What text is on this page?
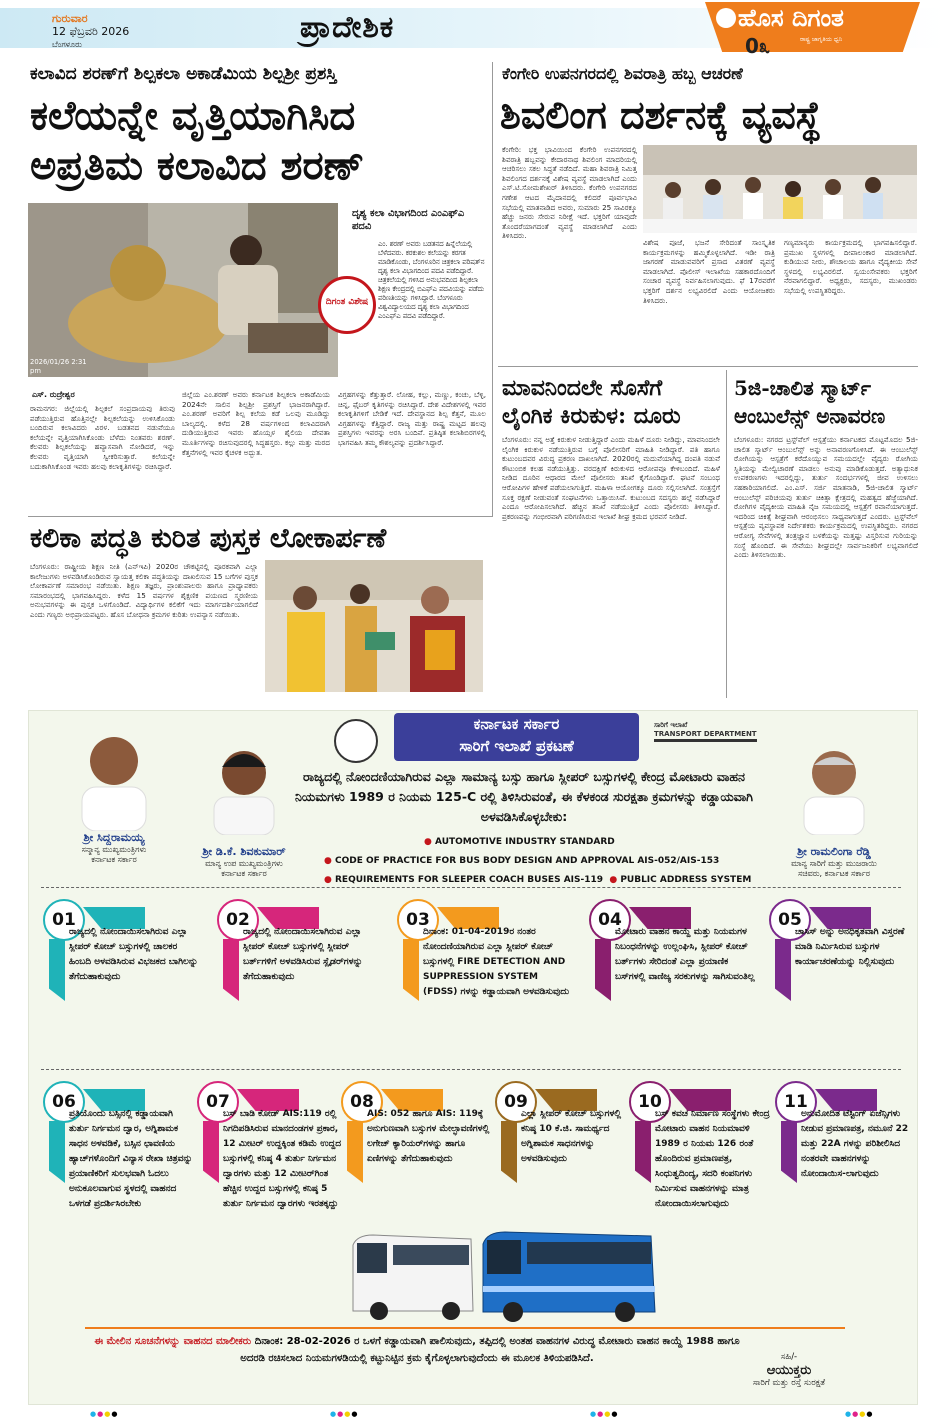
ಗುರುವಾರ
12 ಫೆಬ್ರವರಿ 2026
ಬೆಂಗಳೂರು	ಪ್ರಾದೇಶಿಕ	ಹೊಸ ದಿಗಂತ
ರಾಷ್ಟ್ರ ಜಾಗೃತಿಯ ಧ್ವನಿ
0೩
ಕಲಾವಿದ ಶರಣ್‌ಗೆ ಶಿಲ್ಪಕಲಾ ಅಕಾಡೆಮಿಯ ಶಿಲ್ಪಶ್ರೀ ಪ್ರಶಸ್ತಿ
ಕಲೆಯನ್ನೇ ವೃತ್ತಿಯಾಗಿಸಿದ
ಅಪ್ರತಿಮ ಕಲಾವಿದ ಶರಣ್
2026/01/26 2:31 pm
ದಿಗಂತ ವಿಶೇಷ
ದೃಶ್ಯ ಕಲಾ ವಿಭಾಗದಿಂದ ಎಂಎಫ್‌ಎ ಪದವಿ
ಎಂ. ಶರಣ್ ಅವರು ಬಡತನದ ಹಿನ್ನೆಲೆಯಲ್ಲಿ ಬೆಳೆದವರು. ಕರಕುಶಲ ಕಲೆಯನ್ನು ಕರಗತ ಮಾಡಿಕೊಂಡು, ಬೆಂಗಳೂರಿನ ಚಿತ್ರಕಲಾ ಪರಿಷತ್‌ನ ದೃಶ್ಯ ಕಲಾ ವಿಭಾಗದಿಂದ ಪದವಿ ಪಡೆದಿದ್ದಾರೆ. ಚಿತ್ರಕಲೆಯಲ್ಲಿ ಗಳಿಸಿದ ಅನುಭವದಿಂದ ಶಿಲ್ಪಕಲಾ ಶಿಕ್ಷಣ ಕೇಂದ್ರದಲ್ಲಿ ಬಿಎಫ್‌ಎ ಪದವಿಯನ್ನು ಪಡೆದು ಪರಿಣತಿಯನ್ನು ಗಳಿಸಿದ್ದಾರೆ. ಬೆಂಗಳೂರು ವಿಶ್ವವಿದ್ಯಾಲಯದ ದೃಶ್ಯ ಕಲಾ ವಿಭಾಗದಿಂದ ಎಂಎಫ್‌ಎ ಪದವಿ ಪಡೆದಿದ್ದಾರೆ.
ಎಸ್. ರುದ್ರೇಶ್ವರ
ರಾಮನಗರ: ಜಿಲ್ಲೆಯಲ್ಲಿ ಶಿಲ್ಪಕಲೆ ಸಂಪ್ರದಾಯವು ತಿರುವು ಪಡೆಯುತ್ತಿರುವ ಹೊತ್ತಿನಲ್ಲೇ ಶಿಲ್ಪಕಲೆಯನ್ನು ಉಳಿಸಿಕೊಂಡು ಬಂದಿರುವ ಕಲಾವಿದರು ವಿರಳ. ಬಡತನದ ನಡುವೆಯೂ ಕಲೆಯನ್ನೇ ವೃತ್ತಿಯಾಗಿಸಿಕೊಂಡು ಬೆಳೆದು ನಿಂತವರು ಶರಣ್. ಕೆಲವರು ಶಿಲ್ಪಕಲೆಯನ್ನು ಹವ್ಯಾಸವಾಗಿ ನೋಡಿದರೆ, ಇನ್ನು ಕೆಲವರು ವೃತ್ತಿಯಾಗಿ ಸ್ವೀಕರಿಸುತ್ತಾರೆ. ಕಲೆಯನ್ನೇ ಬದುಕಾಗಿಸಿಕೊಂಡ ಇವರು ಹಲವು ಕಲಾಕೃತಿಗಳನ್ನು ರಚಿಸಿದ್ದಾರೆ.
ಜಿಲ್ಲೆಯ ಎಂ.ಶರಣ್ ಅವರು ಕರ್ನಾಟಕ ಶಿಲ್ಪಕಲಾ ಅಕಾಡೆಮಿಯ 2024ನೇ ಸಾಲಿನ ಶಿಲ್ಪಶ್ರೀ ಪ್ರಶಸ್ತಿಗೆ ಭಾಜನರಾಗಿದ್ದಾರೆ. ಎಂ.ಶರಣ್ ಅವರಿಗೆ ಶಿಲ್ಪ ಕಲೆಯ ಕಡೆ ಒಲವು ಮೂಡಿದ್ದು ಬಾಲ್ಯದಲ್ಲಿ. ಕಳೆದ 28 ವರ್ಷಗಳಿಂದ ಕಲಾವಿದರಾಗಿ ದುಡಿಯುತ್ತಿರುವ ಇವರು ಹೊಯ್ಸಳ ಶೈಲಿಯ ದೇವತಾ ಮೂರ್ತಿಗಳನ್ನು ರಚಿಸುವುದರಲ್ಲಿ ಸಿದ್ಧಹಸ್ತರು. ಕಲ್ಲು ಮತ್ತು ಮರದ ಕೆತ್ತನೆಗಳಲ್ಲಿ ಇವರ ಕೈಚಳಕ ಅದ್ಭುತ.
ವಿಗ್ರಹಗಳನ್ನು ಕೆತ್ತುತ್ತಾರೆ. ಲೋಹ, ಕಲ್ಲು, ಮಣ್ಣು, ಕಂಚು, ಬೆಳ್ಳಿ, ಚಿನ್ನ, ಫೈಬರ್ ಕೃತಿಗಳನ್ನು ರಚಿಸಿದ್ದಾರೆ. ದೇಶ ವಿದೇಶಗಳಲ್ಲಿ ಇವರ ಕಲಾಕೃತಿಗಳಿಗೆ ಬೇಡಿಕೆ ಇದೆ. ದೇವಸ್ಥಾನದ ಶಿಲ್ಪ ಕೆತ್ತನೆ, ಮೂಲ ವಿಗ್ರಹಗಳನ್ನು ಕೆತ್ತಿದ್ದಾರೆ. ರಾಜ್ಯ ಮತ್ತು ರಾಷ್ಟ್ರ ಮಟ್ಟದ ಹಲವು ಪ್ರಶಸ್ತಿಗಳು ಇವರನ್ನು ಅರಸಿ ಬಂದಿವೆ. ಪ್ರತಿಷ್ಠಿತ ಕಲಾಶಿಬಿರಗಳಲ್ಲಿ ಭಾಗವಹಿಸಿ ತಮ್ಮ ಕೌಶಲ್ಯವನ್ನು ಪ್ರದರ್ಶಿಸಿದ್ದಾರೆ.
ಕೆಂಗೇರಿ ಉಪನಗರದಲ್ಲಿ ಶಿವರಾತ್ರಿ ಹಬ್ಬ ಆಚರಣೆ
ಶಿವಲಿಂಗ ದರ್ಶನಕ್ಕೆ ವ್ಯವಸ್ಥೆ
ಕೆಂಗೇರಿ: ಭಕ್ತ ಭಾವಿಯಿಂದ ಕೆಂಗೇರಿ ಉಪನಗರದಲ್ಲಿ ಶಿವರಾತ್ರಿ ಹಬ್ಬವನ್ನು ಕೇದಾರನಾಥ ಶಿವಲಿಂಗ ಮಾದರಿಯಲ್ಲಿ ಆಚರಿಸಲು ಸಕಲ ಸಿದ್ಧತೆ ನಡೆದಿದೆ. ಮಹಾ ಶಿವರಾತ್ರಿ ನಿಮಿತ್ತ ಶಿವಲಿಂಗದ ದರ್ಶನಕ್ಕೆ ವಿಶೇಷ ವ್ಯವಸ್ಥೆ ಮಾಡಲಾಗಿದೆ ಎಂದು ಎಸ್.ಟಿ.ಸೋಮಶೇಖರ್ ತಿಳಿಸಿದರು. ಕೆಂಗೇರಿ ಉಪನಗರದ ಗಣೇಶ ಆಟದ ಮೈದಾನದಲ್ಲಿ ಕಲಿದರೆ ಪೂರ್ವಭಾವಿ ಸಭೆಯಲ್ಲಿ ಮಾತನಾಡಿದ ಅವರು, ಸುಮಾರು 25 ಸಾವಿರಕ್ಕೂ ಹೆಚ್ಚು ಜನರು ಸೇರುವ ನಿರೀಕ್ಷೆ ಇದೆ. ಭಕ್ತರಿಗೆ ಯಾವುದೇ ತೊಂದರೆಯಾಗದಂತೆ ವ್ಯವಸ್ಥೆ ಮಾಡಲಾಗಿದೆ ಎಂದು ತಿಳಿಸಿದರು.
ವಿಶೇಷ ಪೂಜೆ, ಭಜನೆ ಸೇರಿದಂತೆ ಸಾಂಸ್ಕೃತಿಕ ಕಾರ್ಯಕ್ರಮಗಳನ್ನು ಹಮ್ಮಿಕೊಳ್ಳಲಾಗಿದೆ. ಇಡೀ ರಾತ್ರಿ ಜಾಗರಣೆ ಮಾಡುವವರಿಗೆ ಪ್ರಸಾದ ವಿತರಣೆ ವ್ಯವಸ್ಥೆ ಮಾಡಲಾಗಿದೆ. ಪೊಲೀಸ್ ಇಲಾಖೆಯ ಸಹಕಾರದೊಂದಿಗೆ ಸಂಚಾರ ವ್ಯವಸ್ಥೆ ನಿರ್ವಹಿಸಲಾಗುವುದು. ಫೆ 17ರವರೆಗೆ ಭಕ್ತರಿಗೆ ದರ್ಶನ ಲಭ್ಯವಿರಲಿದೆ ಎಂದು ಆಯೋಜಕರು ತಿಳಿಸಿದರು.
ಗಣ್ಯಮಾನ್ಯರು ಕಾರ್ಯಕ್ರಮದಲ್ಲಿ ಭಾಗವಹಿಸಲಿದ್ದಾರೆ. ಪ್ರಮುಖ ಸ್ಥಳಗಳಲ್ಲಿ ದೀಪಾಲಂಕಾರ ಮಾಡಲಾಗಿದೆ. ಕುಡಿಯುವ ನೀರು, ಶೌಚಾಲಯ ಹಾಗೂ ವೈದ್ಯಕೀಯ ಸೇವೆ ಸ್ಥಳದಲ್ಲಿ ಲಭ್ಯವಿರಲಿದೆ. ಸ್ವಯಂಸೇವಕರು ಭಕ್ತರಿಗೆ ನೆರವಾಗಲಿದ್ದಾರೆ. ಅಧ್ಯಕ್ಷರು, ಸದಸ್ಯರು, ಮುಖಂಡರು ಸಭೆಯಲ್ಲಿ ಉಪಸ್ಥಿತರಿದ್ದರು.
ಮಾವನಿಂದಲೇ ಸೊಸೆಗೆ
ಲೈಂಗಿಕ ಕಿರುಕುಳ: ದೂರು
ಬೆಂಗಳೂರು: ನನ್ನ ಅತ್ತೆ ಕಿರುಕುಳ ನೀಡುತ್ತಿದ್ದಾರೆ ಎಂದು ಮಹಿಳೆ ದೂರು ನೀಡಿದ್ದು, ಮಾವನಿಂದಲೇ ಲೈಂಗಿಕ ಕಿರುಕುಳ ನಡೆಯುತ್ತಿರುವ ಬಗ್ಗೆ ಪೊಲೀಸರಿಗೆ ಮಾಹಿತಿ ನೀಡಿದ್ದಾರೆ. ಪತಿ ಹಾಗೂ ಕುಟುಂಬದವರ ವಿರುದ್ಧ ಪ್ರಕರಣ ದಾಖಲಾಗಿದೆ. 2020ರಲ್ಲಿ ಮದುವೆಯಾಗಿದ್ದ ದಂಪತಿ ನಡುವೆ ಕೌಟುಂಬಿಕ ಕಲಹ ನಡೆಯುತ್ತಿತ್ತು. ವರದಕ್ಷಿಣೆ ಕಿರುಕುಳದ ಆರೋಪವೂ ಕೇಳಿಬಂದಿದೆ. ಮಹಿಳೆ ನೀಡಿದ ದೂರಿನ ಆಧಾರದ ಮೇಲೆ ಪೊಲೀಸರು ತನಿಖೆ ಕೈಗೊಂಡಿದ್ದಾರೆ. ಘಟನೆ ಸಂಬಂಧ ಆರೋಪಿಗಳ ಹೇಳಿಕೆ ಪಡೆಯಲಾಗುತ್ತಿದೆ. ಮಹಿಳಾ ಆಯೋಗಕ್ಕೂ ದೂರು ಸಲ್ಲಿಸಲಾಗಿದೆ. ಸಂತ್ರಸ್ತೆಗೆ ಸೂಕ್ತ ರಕ್ಷಣೆ ನೀಡುವಂತೆ ಸಂಘಟನೆಗಳು ಒತ್ತಾಯಿಸಿವೆ. ಕುಟುಂಬದ ಸದಸ್ಯರು ಹಲ್ಲೆ ನಡೆಸಿದ್ದಾರೆ ಎಂದೂ ಆರೋಪಿಸಲಾಗಿದೆ. ಹೆಚ್ಚಿನ ತನಿಖೆ ನಡೆಯುತ್ತಿದೆ ಎಂದು ಪೊಲೀಸರು ತಿಳಿಸಿದ್ದಾರೆ. ಪ್ರಕರಣವನ್ನು ಗಂಭೀರವಾಗಿ ಪರಿಗಣಿಸಿರುವ ಇಲಾಖೆ ಶೀಘ್ರ ಕ್ರಮದ ಭರವಸೆ ನೀಡಿದೆ.
5ಜಿ-ಚಾಲಿತ ಸ್ಮಾರ್ಟ್
ಆಂಬುಲೆನ್ಸ್ ಅನಾವರಣ
ಬೆಂಗಳೂರು: ನಗರದ ಟ್ರಸ್ಟ್‌ವೆಲ್ ಆಸ್ಪತ್ರೆಯು ಕರ್ನಾಟಕದ ಮೊಟ್ಟಮೊದಲ 5ಜಿ-ಚಾಲಿತ ಸ್ಮಾರ್ಟ್ ಆಂಬುಲೆನ್ಸ್ ಅನ್ನು ಅನಾವರಣಗೊಳಿಸಿದೆ. ಈ ಆಂಬುಲೆನ್ಸ್ ರೋಗಿಯನ್ನು ಆಸ್ಪತ್ರೆಗೆ ಕರೆದೊಯ್ಯುವ ಸಮಯದಲ್ಲೇ ವೈದ್ಯರು ರೋಗಿಯ ಸ್ಥಿತಿಯನ್ನು ಮೇಲ್ವಿಚಾರಣೆ ಮಾಡಲು ಅನುವು ಮಾಡಿಕೊಡುತ್ತದೆ. ಅತ್ಯಾಧುನಿಕ ಉಪಕರಣಗಳು ಇದರಲ್ಲಿದ್ದು, ತುರ್ತು ಸಂದರ್ಭಗಳಲ್ಲಿ ಜೀವ ಉಳಿಸಲು ಸಹಕಾರಿಯಾಗಲಿದೆ. ಎಂ.ಎಸ್. ಸರ್ಜಿ ಮಾತನಾಡಿ, 5ಜಿ-ಚಾಲಿತ ಸ್ಮಾರ್ಟ್ ಆಂಬುಲೆನ್ಸ್ ಪರಿಚಯವು ತುರ್ತು ಚಿಕಿತ್ಸಾ ಕ್ಷೇತ್ರದಲ್ಲಿ ಮಹತ್ವದ ಹೆಜ್ಜೆಯಾಗಿದೆ. ರೋಗಿಗಳ ವೈದ್ಯಕೀಯ ಮಾಹಿತಿ ನೈಜ ಸಮಯದಲ್ಲಿ ಆಸ್ಪತ್ರೆಗೆ ರವಾನೆಯಾಗುತ್ತದೆ. ಇದರಿಂದ ಚಿಕಿತ್ಸೆ ಶೀಘ್ರವಾಗಿ ಆರಂಭಿಸಲು ಸಾಧ್ಯವಾಗುತ್ತದೆ ಎಂದರು. ಟ್ರಸ್ಟ್‌ವೆಲ್ ಆಸ್ಪತ್ರೆಯ ವ್ಯವಸ್ಥಾಪಕ ನಿರ್ದೇಶಕರು ಕಾರ್ಯಕ್ರಮದಲ್ಲಿ ಉಪಸ್ಥಿತರಿದ್ದರು. ನಗರದ ಆರೋಗ್ಯ ಸೇವೆಗಳಲ್ಲಿ ತಂತ್ರಜ್ಞಾನ ಬಳಕೆಯನ್ನು ಮತ್ತಷ್ಟು ವಿಸ್ತರಿಸುವ ಗುರಿಯನ್ನು ಸಂಸ್ಥೆ ಹೊಂದಿದೆ. ಈ ಸೇವೆಯು ಶೀಘ್ರದಲ್ಲೇ ಸಾರ್ವಜನಿಕರಿಗೆ ಲಭ್ಯವಾಗಲಿದೆ ಎಂದು ತಿಳಿಸಲಾಯಿತು.
ಕಲಿಕಾ ಪದ್ಧತಿ ಕುರಿತ ಪುಸ್ತಕ ಲೋಕಾರ್ಪಣೆ
ಬೆಂಗಳೂರು: ರಾಷ್ಟ್ರೀಯ ಶಿಕ್ಷಣ ನೀತಿ (ಎನ್‌ಇಪಿ) 2020ರ ಚೌಕಟ್ಟಿನಲ್ಲಿ ಪೂರಕವಾಗಿ ಎಲ್ಲಾ ಕಾಲೇಜುಗಳು ಅಳವಡಿಸಿಕೊಂಡಿರುವ ಸ್ವಾಯತ್ತ ಕಲಿಕಾ ಪದ್ಧತಿಯನ್ನು ದಾಖಲಿಸುವ 15 ಬಗೆಗಳ ಪುಸ್ತಕ ಲೋಕಾರ್ಪಣೆ ಸಮಾರಂಭ ನಡೆಯಿತು. ಶಿಕ್ಷಣ ತಜ್ಞರು, ಪ್ರಾಂಶುಪಾಲರು ಹಾಗೂ ಪ್ರಾಧ್ಯಾಪಕರು ಸಮಾರಂಭದಲ್ಲಿ ಭಾಗವಹಿಸಿದ್ದರು. ಕಳೆದ 15 ವರ್ಷಗಳ ಶೈಕ್ಷಣಿಕ ಪಯಣದ ಸ್ಮರಣೀಯ ಅನುಭವಗಳನ್ನು ಈ ಪುಸ್ತಕ ಒಳಗೊಂಡಿದೆ. ವಿದ್ಯಾರ್ಥಿಗಳ ಕಲಿಕೆಗೆ ಇದು ಮಾರ್ಗದರ್ಶಿಯಾಗಲಿದೆ ಎಂದು ಗಣ್ಯರು ಅಭಿಪ್ರಾಯಪಟ್ಟರು. ಹೊಸ ಬೋಧನಾ ಕ್ರಮಗಳ ಕುರಿತು ಉಪನ್ಯಾಸ ನಡೆಯಿತು.
ಕರ್ನಾಟಕ ಸರ್ಕಾರ
ಸಾರಿಗೆ ಇಲಾಖೆ ಪ್ರಕಟಣೆ
ಸಾರಿಗೆ ಇಲಾಖೆ
TRANSPORT DEPARTMENT
ಶ್ರೀ ಸಿದ್ದರಾಮಯ್ಯ
ಸನ್ಮಾನ್ಯ ಮುಖ್ಯಮಂತ್ರಿಗಳು
ಕರ್ನಾಟಕ ಸರ್ಕಾರ
ಶ್ರೀ ಡಿ.ಕೆ. ಶಿವಕುಮಾರ್
ಮಾನ್ಯ ಉಪ ಮುಖ್ಯಮಂತ್ರಿಗಳು
ಕರ್ನಾಟಕ ಸರ್ಕಾರ
ಶ್ರೀ ರಾಮಲಿಂಗಾ ರೆಡ್ಡಿ
ಮಾನ್ಯ ಸಾರಿಗೆ ಮತ್ತು ಮುಜರಾಯಿ
ಸಚಿವರು, ಕರ್ನಾಟಕ ಸರ್ಕಾರ
ರಾಜ್ಯದಲ್ಲಿ ನೋಂದಣಿಯಾಗಿರುವ ಎಲ್ಲಾ ಸಾಮಾನ್ಯ ಬಸ್ಸು ಹಾಗೂ ಸ್ಲೀಪರ್ ಬಸ್ಸುಗಳಲ್ಲಿ ಕೇಂದ್ರ ಮೋಟಾರು ವಾಹನ ನಿಯಮಗಳು 1989 ರ ನಿಯಮ 125-C ರಲ್ಲಿ ತಿಳಿಸಿರುವಂತೆ, ಈ ಕೆಳಕಂಡ ಸುರಕ್ಷತಾ ಕ್ರಮಗಳನ್ನು ಕಡ್ಡಾಯವಾಗಿ ಅಳವಡಿಸಿಕೊಳ್ಳಬೇಕು:
● AUTOMOTIVE INDUSTRY STANDARD
● CODE OF PRACTICE FOR BUS BODY DESIGN AND APPROVAL AIS-052/AIS-153
● REQUIREMENTS FOR SLEEPER COACH BUSES AIS-119 ● PUBLIC ADDRESS SYSTEM
01
ರಾಜ್ಯದಲ್ಲಿ ನೋಂದಾಯಿಸಲಾಗಿರುವ ಎಲ್ಲಾ ಸ್ಲೀಪರ್ ಕೋಚ್ ಬಸ್ಸುಗಳಲ್ಲಿ ಚಾಲಕರ ಹಿಂಬದಿ ಅಳವಡಿಸಿರುವ ವಿಭಜಕದ ಬಾಗಿಲನ್ನು ತೆಗೆದುಹಾಕುವುದು
02
ರಾಜ್ಯದಲ್ಲಿ ನೋಂದಾಯಿಸಲಾಗಿರುವ ಎಲ್ಲಾ ಸ್ಲೀಪರ್ ಕೋಚ್ ಬಸ್ಸುಗಳಲ್ಲಿ ಸ್ಲೀಪರ್ ಬರ್ತ್‌ಗಳಿಗೆ ಅಳವಡಿಸಿರುವ ಸ್ಲೈಡರ್‌ಗಳನ್ನು ತೆಗೆದುಹಾಕುವುದು
03
ದಿನಾಂಕ: 01-04-2019ರ ನಂತರ ನೋಂದಣಿಯಾಗಿರುವ ಎಲ್ಲಾ ಸ್ಲೀಪರ್ ಕೋಚ್ ಬಸ್ಸುಗಳಲ್ಲಿ FIRE DETECTION AND SUPPRESSION SYSTEM (FDSS) ಗಳನ್ನು ಕಡ್ಡಾಯವಾಗಿ ಅಳವಡಿಸುವುದು
04
ಮೋಟಾರು ವಾಹನ ಕಾಯ್ದೆ ಮತ್ತು ನಿಯಮಗಳ ನಿಬಂಧನೆಗಳನ್ನು ಉಲ್ಲಂಘಿಸಿ, ಸ್ಲೀಪರ್ ಕೋಚ್ ಬರ್ತ್‌ಗಳು ಸೇರಿದಂತೆ ಎಲ್ಲಾ ಪ್ರಯಾಣಿಕ ಬಸ್‌ಗಳಲ್ಲಿ ವಾಣಿಜ್ಯ ಸರಕುಗಳನ್ನು ಸಾಗಿಸುವಂತಿಲ್ಲ
05
ಚಾಸಿಸ್ ಅನ್ನು ಅನಧಿಕೃತವಾಗಿ ವಿಸ್ತರಣೆ ಮಾಡಿ ನಿರ್ಮಿಸಿರುವ ಬಸ್ಸುಗಳ ಕಾರ್ಯಾಚರಣೆಯನ್ನು ನಿಲ್ಲಿಸುವುದು
06
ಪ್ರತಿಯೊಂದು ಬಸ್ಸಿನಲ್ಲಿ ಕಡ್ಡಾಯವಾಗಿ ತುರ್ತು ನಿರ್ಗಮನ ದ್ವಾರ, ಅಗ್ನಿಶಾಮಕ ಸಾಧನ ಅಳವಡಿಕೆ, ಬಸ್ಸಿನ ಛಾವಣಿಯ ಹ್ಯಾಚ್‌ಗಳೊಂದಿಗೆ ವಿನ್ಯಾಸ ರೇಖಾ ಚಿತ್ರವನ್ನು ಪ್ರಯಾಣಿಕರಿಗೆ ಸುಲಭವಾಗಿ ಓದಲು ಅನುಕೂಲವಾಗುವ ಸ್ಥಳದಲ್ಲಿ ವಾಹನದ ಒಳಗಡೆ ಪ್ರದರ್ಶಿಸಿರಬೇಕು
07
ಬಸ್ ಬಾಡಿ ಕೋಡ್ AIS:119 ರಲ್ಲಿ ನಿಗದಿಪಡಿಸಿರುವ ಮಾನದಂಡಗಳ ಪ್ರಕಾರ, 12 ಮೀಟರ್ ಉದ್ದಕ್ಕಿಂತ ಕಡಿಮೆ ಉದ್ದದ ಬಸ್ಸುಗಳಲ್ಲಿ ಕನಿಷ್ಠ 4 ತುರ್ತು ನಿರ್ಗಮನ ದ್ವಾರಗಳು ಮತ್ತು 12 ಮೀಟರ್‌ಗಿಂತ ಹೆಚ್ಚಿನ ಉದ್ದದ ಬಸ್ಸುಗಳಲ್ಲಿ ಕನಿಷ್ಠ 5 ತುರ್ತು ನಿರ್ಗಮನ ದ್ವಾರಗಳು ಇರತಕ್ಕದ್ದು
08
AIS: 052 ಹಾಗೂ AIS: 119ಕ್ಕೆ ಅನುಗುಣವಾಗಿ ಬಸ್ಸುಗಳ ಮೇಲ್ಛಾವಣಿಗಳಲ್ಲಿ ಲಗೇಜ್ ಕ್ಯಾರಿಯರ್‌ಗಳನ್ನು ಹಾಗೂ ಏಣಿಗಳನ್ನು ತೆಗೆದುಹಾಕುವುದು
09
ಎಲ್ಲಾ ಸ್ಲೀಪರ್ ಕೋಚ್ ಬಸ್ಸುಗಳಲ್ಲಿ ಕನಿಷ್ಠ 10 ಕೆ.ಜಿ. ಸಾಮರ್ಥ್ಯದ ಅಗ್ನಿಶಾಮಕ ಸಾಧನಗಳನ್ನು ಅಳವಡಿಸುವುದು
10
ಬಸ್ ಕವಚ ನಿರ್ಮಾಣ ಸಂಸ್ಥೆಗಳು ಕೇಂದ್ರ ಮೋಟಾರು ವಾಹನ ನಿಯಮಾವಳಿ 1989 ರ ನಿಯಮ 126 ರಂತೆ ಹೊಂದಿರುವ ಪ್ರಮಾಣಪತ್ರ, ಸಿಂಧುತ್ವದಿಂದ್ಯ, ಸದರಿ ಕಂಪನಿಗಳು ನಿರ್ಮಿಸುವ ವಾಹನಗಳನ್ನು ಮಾತ್ರ ನೋಂದಾಯಿಸಲಾಗುವುದು
11
ಅನುಮೋದಿತ ಟೆಸ್ಟಿಂಗ್ ಏಜೆನ್ಸಿಗಳು ನೀಡುವ ಪ್ರಮಾಣಪತ್ರ, ನಮೂನೆ 22 ಮತ್ತು 22A ಗಳನ್ನು ಪರಿಶೀಲಿಸಿದ ನಂತರವೇ ವಾಹನಗಳನ್ನು ನೋಂದಾಯಿಸ-ಲಾಗುವುದು
ಈ ಮೇಲಿನ ಸೂಚನೆಗಳನ್ನು ವಾಹನದ ಮಾಲೀಕರು ದಿನಾಂಕ: 28-02-2026 ರ ಒಳಗೆ ಕಡ್ಡಾಯವಾಗಿ ಪಾಲಿಸುವುದು, ತಪ್ಪಿದಲ್ಲಿ ಅಂತಹ ವಾಹನಗಳ ವಿರುದ್ಧ ಮೋಟಾರು ವಾಹನ ಕಾಯ್ದೆ 1988 ಹಾಗೂ ಅದರಡಿ ರಚಿಸಲಾದ ನಿಯಮಗಳಡಿಯಲ್ಲಿ ಕಟ್ಟುನಿಟ್ಟಿನ ಕ್ರಮ ಕೈಗೊಳ್ಳಲಾಗುವುದೆಂದು ಈ ಮೂಲಕ ತಿಳಿಯಪಡಿಸಿದೆ.	ಸಹಿ/-
ಆಯುಕ್ತರು
ಸಾರಿಗೆ ಮತ್ತು ರಸ್ತೆ ಸುರಕ್ಷತೆ
●●●●	●●●●	●●●●	●●●●
